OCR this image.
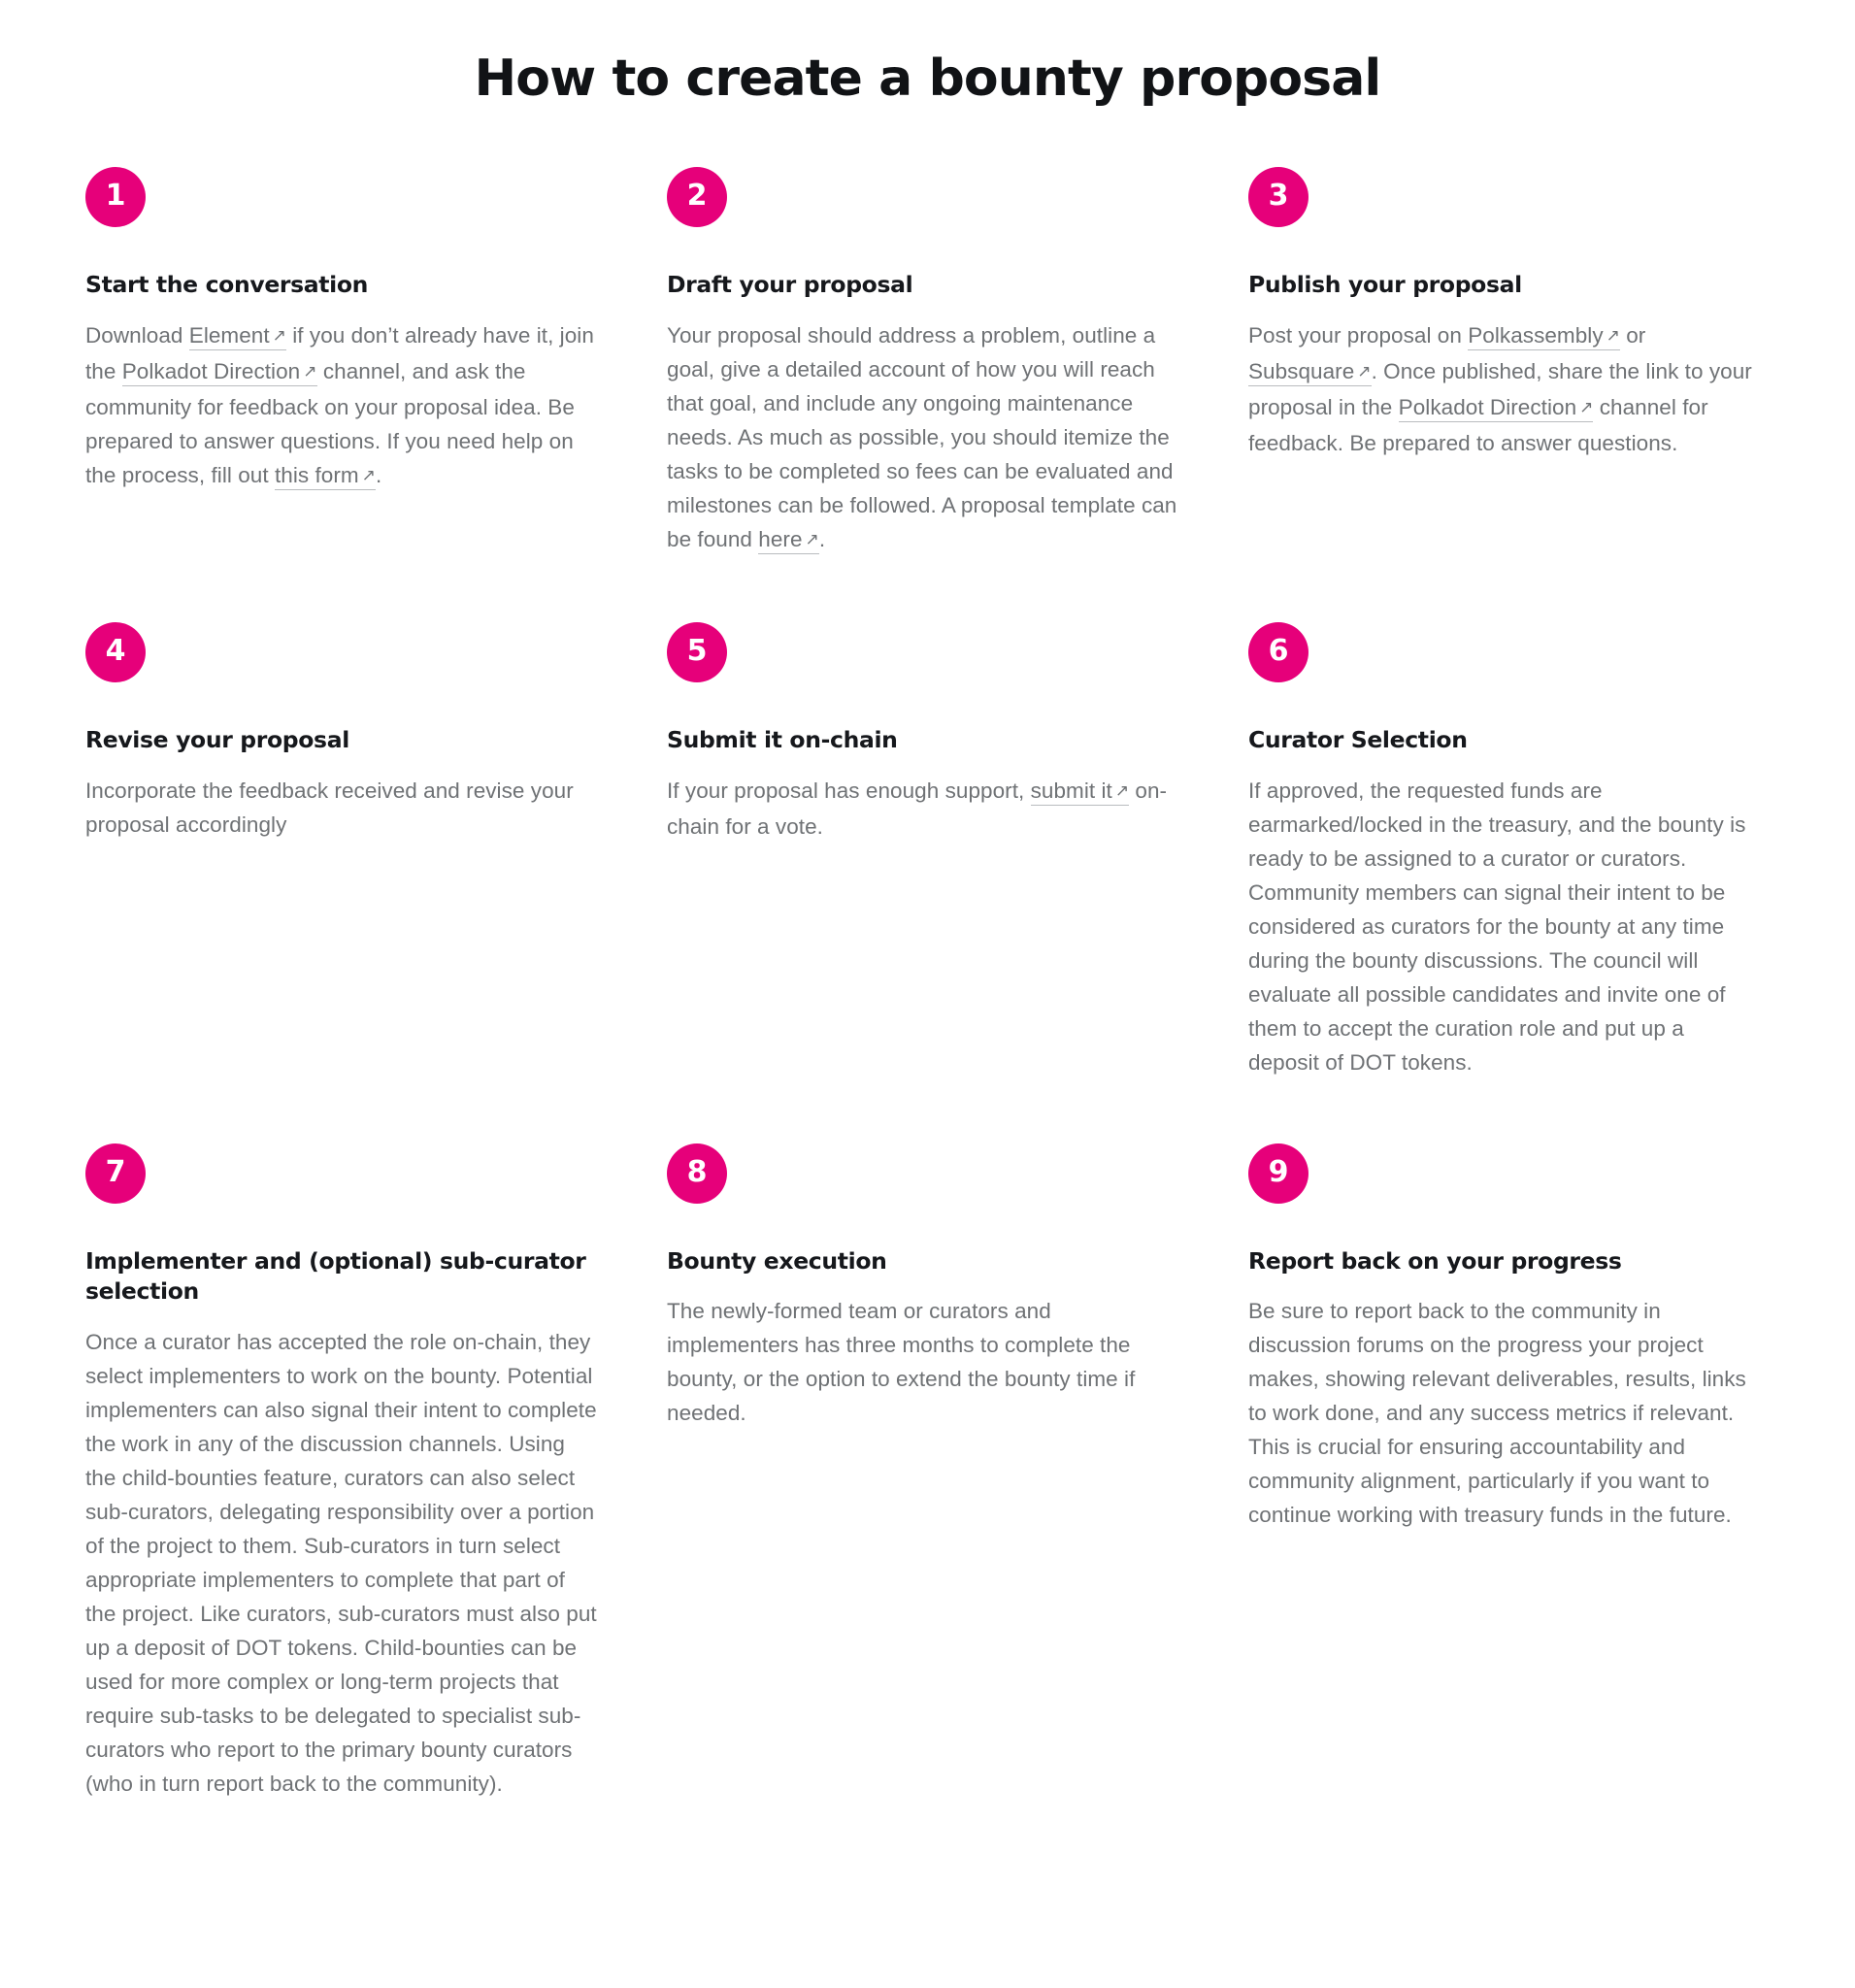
How to create a bounty proposal
1
Start the conversation

Download Element ↗ if you don’t already have it, join the Polkadot Direction ↗ channel, and ask the community for feedback on your proposal idea. Be prepared to answer questions. If you need help on the process, fill out this form ↗.

2
Draft your proposal

Your proposal should address a problem, outline a goal, give a detailed account of how you will reach that goal, and include any ongoing maintenance needs. As much as possible, you should itemize the tasks to be completed so fees can be evaluated and milestones can be followed. A proposal template can be found here ↗.

3
Publish your proposal

Post your proposal on Polkassembly ↗ or Subsquare ↗. Once published, share the link to your proposal in the Polkadot Direction ↗ channel for feedback. Be prepared to answer questions.

4
Revise your proposal

Incorporate the feedback received and revise your proposal accordingly

5
Submit it on-chain

If your proposal has enough support, submit it ↗ on-chain for a vote.

6
Curator Selection

If approved, the requested funds are earmarked/locked in the treasury, and the bounty is ready to be assigned to a curator or curators. Community members can signal their intent to be considered as curators for the bounty at any time during the bounty discussions. The council will evaluate all possible candidates and invite one of them to accept the curation role and put up a deposit of DOT tokens.

7
Implementer and (optional) sub-curator selection

Once a curator has accepted the role on-chain, they select implementers to work on the bounty. Potential implementers can also signal their intent to complete the work in any of the discussion channels. Using the child-bounties feature, curators can also select sub-curators, delegating responsibility over a portion of the project to them. Sub-curators in turn select appropriate implementers to complete that part of the project. Like curators, sub-curators must also put up a deposit of DOT tokens. Child-bounties can be used for more complex or long-term projects that require sub-tasks to be delegated to specialist sub-curators who report to the primary bounty curators (who in turn report back to the community).

8
Bounty execution

The newly-formed team or curators and implementers has three months to complete the bounty, or the option to extend the bounty time if needed.

9
Report back on your progress

Be sure to report back to the community in discussion forums on the progress your project makes, showing relevant deliverables, results, links to work done, and any success metrics if relevant. This is crucial for ensuring accountability and community alignment, particularly if you want to continue working with treasury funds in the future.
